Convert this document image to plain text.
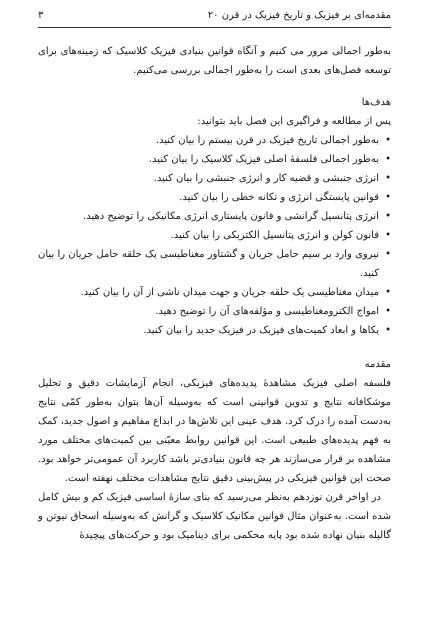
مقدمه‌ای بر فیزیک و تاریخ فیزیک در قرن ۲۰
۳

به‌طور اجمالی مرور می کنیم و آنگاه قوانین بنیادی فیزیک کلاسیک که زمینه‌های برای توسعه فصل‌های بعدی است را به‌طور اجمالی بررسی می‌کنیم.

هدف‌ها

پس از مطالعه و فراگیری این فصل باید بتوانید:

• به‌طور اجمالی تاریخ فیزیک در قرن بیستم را بیان کنید.
• به‌طور اجمالی فلسفهٔ اصلی فیزیک کلاسیک را بیان کنید.
• انرژی جنبشی و قضیه کار و انرژی جنبشی را بیان کنید.
• قوانین پایستگی انرژی و تکانه خطی را بیان کنید.
• انرژی پتانسیل گرانشی و قانون پایستاری انرژی مکانیکی را توضیح دهید.
• قانون کولن و انرژی پتانسیل الکتریکی را بیان کنید.
• نیروی وارد بر سیم حامل جریان و گشتاور مغناطیسی یک حلقه حامل جریان را بیان کنید.
• میدان مغناطیسی یک حلقه جریان و جهت میدان ناشی از آن را بیان کنید.
• امواج الکترومغناطیسی و مؤلفه‌های آن را توضیح دهید.
• یکاها و ابعاد کمیت‌های فیزیک در فیزیک جدید را بیان کنید.
مقدمه

فلسفه اصلی فیزیک مشاهدهٔ پدیده‌های فیزیکی، انجام آزمایشات دقیق و تحلیل موشکافانه نتایج و تدوین قوانینی است که به‌وسیله آن‌ها بتوان به‌طور کمّی نتایج به‌دست آمده را درک کرد. هدف عینی این تلاش‌ها در ابداع مفاهیم و اصول جدید، کمک به فهم پدیده‌های طبیعی است. این قوانین روابط معیّنی بین کمیت‌های مختلف مورد مشاهده بر قرار می‌سازند هر چه قانون بنیادی‌تر باشد کاربرد آن عمومی‌تر خواهد بود. صحت این قوانین فیزیکی در پیش‌بینی دقیق نتایج مشاهدات مختلف نهفته است.

در اواخر قرن نوزدهم به‌نظر می‌رسید که بنای سازهٔ اساسی فیزیک کم و بیش کامل شده است. به‌عنوان مثال قوانین مکانیک کلاسیک و گرانش که به‌وسیله اسحاق نیوتن و گالیله بنیان نهاده شده بود پایه محکمی برای دینامیک بود و حرکت‌های پیچیدهٔ
